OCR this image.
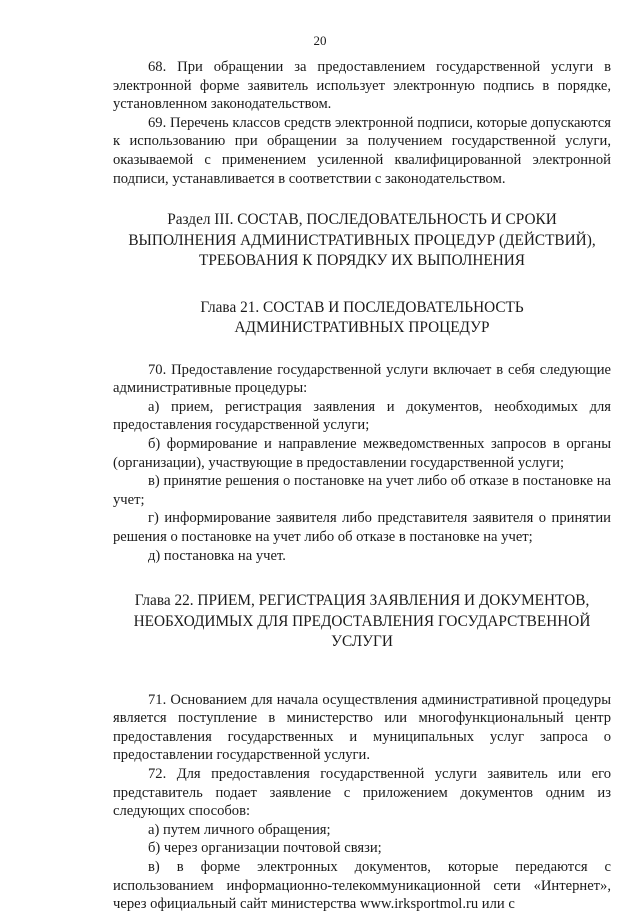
20

68. При обращении за предоставлением государственной услуги в электронной форме заявитель использует электронную подпись в порядке, установленном законодательством.

69. Перечень классов средств электронной подписи, которые допускаются к использованию при обращении за получением государственной услуги, оказываемой с применением усиленной квалифицированной электронной подписи, устанавливается в соответствии с законодательством.

Раздел III. СОСТАВ, ПОСЛЕДОВАТЕЛЬНОСТЬ И СРОКИ
ВЫПОЛНЕНИЯ АДМИНИСТРАТИВНЫХ ПРОЦЕДУР (ДЕЙСТВИЙ),
ТРЕБОВАНИЯ К ПОРЯДКУ ИХ ВЫПОЛНЕНИЯ
Глава 21. СОСТАВ И ПОСЛЕДОВАТЕЛЬНОСТЬ
АДМИНИСТРАТИВНЫХ ПРОЦЕДУР

70. Предоставление государственной услуги включает в себя следующие административные процедуры:

а) прием, регистрация заявления и документов, необходимых для предоставления государственной услуги;

б) формирование и направление межведомственных запросов в органы (организации), участвующие в предоставлении государственной услуги;

в) принятие решения о постановке на учет либо об отказе в постановке на учет;

г) информирование заявителя либо представителя заявителя о принятии решения о постановке на учет либо об отказе в постановке на учет;

д) постановка на учет.

Глава 22. ПРИЕМ, РЕГИСТРАЦИЯ ЗАЯВЛЕНИЯ И ДОКУМЕНТОВ,
НЕОБХОДИМЫХ ДЛЯ ПРЕДОСТАВЛЕНИЯ ГОСУДАРСТВЕННОЙ
УСЛУГИ

71. Основанием для начала осуществления административной процедуры является поступление в министерство или многофункциональный центр предоставления государственных и муниципальных услуг запроса о предоставлении государственной услуги.

72. Для предоставления государственной услуги заявитель или его представитель подает заявление с приложением документов одним из следующих способов:

а) путем личного обращения;

б) через организации почтовой связи;

в) в форме электронных документов, которые передаются с использованием информационно-телекоммуникационной сети «Интернет», через официальный сайт министерства www.irksportmol.ru или с
